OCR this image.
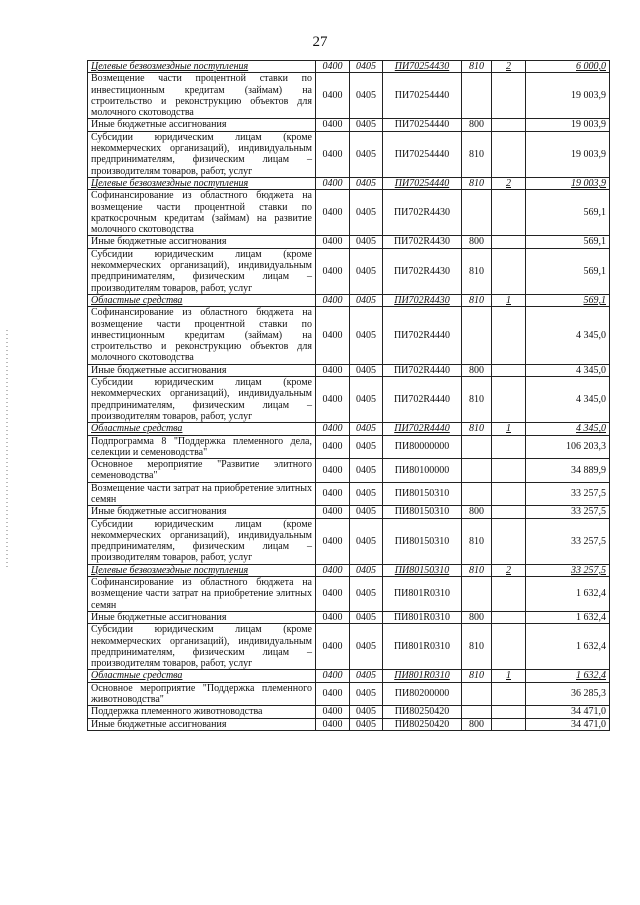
27
Целевые безвозмездные поступления	0400	0405	ПИ70254430	810	2	6 000,0
Возмещение части процентной ставки по инвестиционным кредитам (займам) на строительство и реконструкцию объектов для молочного скотоводства	0400	0405	ПИ70254440			19 003,9
Иные бюджетные ассигнования	0400	0405	ПИ70254440	800		19 003,9
Субсидии юридическим лицам (кроме некоммерческих организаций), индивидуальным предпринимателям, физическим лицам – производителям товаров, работ, услуг	0400	0405	ПИ70254440	810		19 003,9
Целевые безвозмездные поступления	0400	0405	ПИ70254440	810	2	19 003,9
Софинансирование из областного бюджета на возмещение части процентной ставки по краткосрочным кредитам (займам) на развитие молочного скотоводства	0400	0405	ПИ702R4430			569,1
Иные бюджетные ассигнования	0400	0405	ПИ702R4430	800		569,1
Субсидии юридическим лицам (кроме некоммерческих организаций), индивидуальным предпринимателям, физическим лицам – производителям товаров, работ, услуг	0400	0405	ПИ702R4430	810		569,1
Областные средства	0400	0405	ПИ702R4430	810	1	569,1
Софинансирование из областного бюджета на возмещение части процентной ставки по инвестиционным кредитам (займам) на строительство и реконструкцию объектов для молочного скотоводства	0400	0405	ПИ702R4440			4 345,0
Иные бюджетные ассигнования	0400	0405	ПИ702R4440	800		4 345,0
Субсидии юридическим лицам (кроме некоммерческих организаций), индивидуальным предпринимателям, физическим лицам – производителям товаров, работ, услуг	0400	0405	ПИ702R4440	810		4 345,0
Областные средства	0400	0405	ПИ702R4440	810	1	4 345,0
Подпрограмма 8 "Поддержка племенного дела, селекции и семеноводства"	0400	0405	ПИ80000000			106 203,3
Основное мероприятие "Развитие элитного семеноводства"	0400	0405	ПИ80100000			34 889,9
Возмещение части затрат на приобретение элитных семян	0400	0405	ПИ80150310			33 257,5
Иные бюджетные ассигнования	0400	0405	ПИ80150310	800		33 257,5
Субсидии юридическим лицам (кроме некоммерческих организаций), индивидуальным предпринимателям, физическим лицам – производителям товаров, работ, услуг	0400	0405	ПИ80150310	810		33 257,5
Целевые безвозмездные поступления	0400	0405	ПИ80150310	810	2	33 257,5
Софинансирование из областного бюджета на возмещение части затрат на приобретение элитных семян	0400	0405	ПИ801R0310			1 632,4
Иные бюджетные ассигнования	0400	0405	ПИ801R0310	800		1 632,4
Субсидии юридическим лицам (кроме некоммерческих организаций), индивидуальным предпринимателям, физическим лицам – производителям товаров, работ, услуг	0400	0405	ПИ801R0310	810		1 632,4
Областные средства	0400	0405	ПИ801R0310	810	1	1 632,4
Основное мероприятие "Поддержка племенного животноводства"	0400	0405	ПИ80200000			36 285,3
Поддержка племенного животноводства	0400	0405	ПИ80250420			34 471,0
Иные бюджетные ассигнования	0400	0405	ПИ80250420	800		34 471,0
